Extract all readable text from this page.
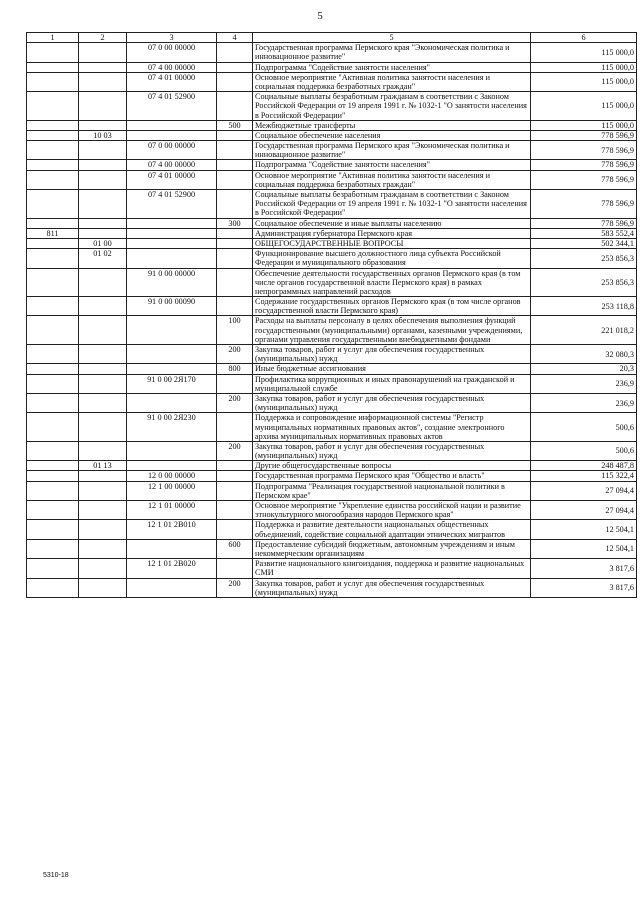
5
1	2	3	4	5	6
		07 0 00 00000		Государственная программа Пермского края "Экономическая политика и инновационное развитие"	115 000,0
		07 4 00 00000		Подпрограмма "Содействие занятости населения"	115 000,0
		07 4 01 00000		Основное мероприятие "Активная политика занятости населения и социальная поддержка безработных граждан"	115 000,0
		07 4 01 52900		Социальные выплаты безработным гражданам в соответствии с Законом Российской Федерации от 19 апреля 1991 г. № 1032-1 "О занятости населения в Российской Федерации"	115 000,0
			500	Межбюджетные трансферты	115 000,0
	10 03			Социальное обеспечение населения	778 596,9
		07 0 00 00000		Государственная программа Пермского края "Экономическая политика и инновационное развитие"	778 596,9
		07 4 00 00000		Подпрограмма "Содействие занятости населения"	778 596,9
		07 4 01 00000		Основное мероприятие "Активная политика занятости населения и социальная поддержка безработных граждан"	778 596,9
		07 4 01 52900		Социальные выплаты безработным гражданам в соответствии с Законом Российской Федерации от 19 апреля 1991 г. № 1032-1 "О занятости населения в Российской Федерации"	778 596,9
			300	Социальное обеспечение и иные выплаты населению	778 596,9
811				Администрация губернатора Пермского края	583 552,4
	01 00			ОБЩЕГОСУДАРСТВЕННЫЕ ВОПРОСЫ	502 344,1
	01 02			Функционирование высшего должностного лица субъекта Российской Федерации и муниципального образования	253 856,3
		91 0 00 00000		Обеспечение деятельности государственных органов Пермского края (в том числе органов государственной власти Пермского края) в рамках непрограммных направлений расходов	253 856,3
		91 0 00 00090		Содержание государственных органов Пермского края (в том числе органов государственной власти Пермского края)	253 118,8
			100	Расходы на выплаты персоналу в целях обеспечения выполнения функций государственными (муниципальными) органами, казенными учреждениями, органами управления государственными внебюджетными фондами	221 018,2
			200	Закупка товаров, работ и услуг для обеспечения государственных (муниципальных) нужд	32 080,3
			800	Иные бюджетные ассигнования	20,3
		91 0 00 2Я170		Профилактика коррупционных и иных правонарушений на гражданской и муниципальной службе	236,9
			200	Закупка товаров, работ и услуг для обеспечения государственных (муниципальных) нужд	236,9
		91 0 00 2Я230		Поддержка и сопровождение информационной системы "Регистр муниципальных нормативных правовых актов", создание электронного архива муниципальных нормативных правовых актов	500,6
			200	Закупка товаров, работ и услуг для обеспечения государственных (муниципальных) нужд	500,6
	01 13			Другие общегосударственные вопросы	248 487,8
		12 0 00 00000		Государственная программа Пермского края "Общество и власть"	115 322,4
		12 1 00 00000		Подпрограмма "Реализация государственной национальной политики в Пермском крае"	27 094,4
		12 1 01 00000		Основное мероприятие "Укрепление единства российской нации и развитие этнокультурного многообразия народов Пермского края"	27 094,4
		12 1 01 2B010		Поддержка и развитие деятельности национальных общественных объединений, содействие социальной адаптации этнических мигрантов	12 504,1
			600	Предоставление субсидий бюджетным, автономным учреждениям и иным некоммерческим организациям	12 504,1
		12 1 01 2B020		Развитие национального книгоиздания, поддержка и развитие национальных СМИ	3 817,6
			200	Закупка товаров, работ и услуг для обеспечения государственных (муниципальных) нужд	3 817,6
5310-18
